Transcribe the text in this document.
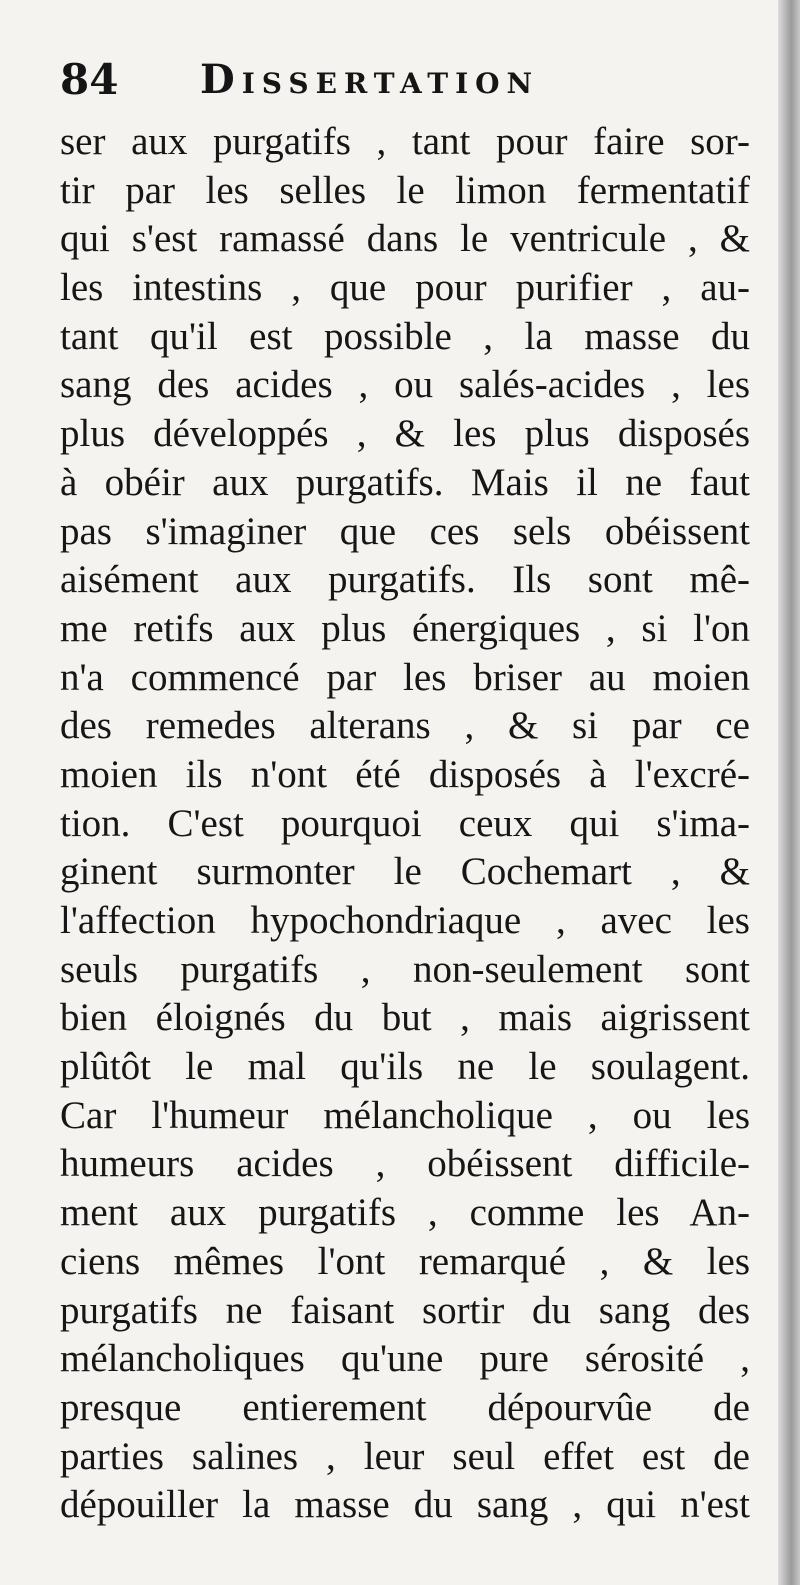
84 Dissertation
ser aux purgatifs , tant pour faire sor-
tir par les selles le limon fermentatif
qui s'est ramassé dans le ventricule , &
les intestins , que pour purifier , au-
tant qu'il est possible , la masse du
sang des acides , ou salés-acides , les
plus développés , & les plus disposés
à obéir aux purgatifs. Mais il ne faut
pas s'imaginer que ces sels obéissent
aisément aux purgatifs. Ils sont mê-
me retifs aux plus énergiques , si l'on
n'a commencé par les briser au moien
des remedes alterans , & si par ce
moien ils n'ont été disposés à l'excré-
tion. C'est pourquoi ceux qui s'ima-
ginent surmonter le Cochemart , &
l'affection hypochondriaque , avec les
seuls purgatifs , non-seulement sont
bien éloignés du but , mais aigrissent
plûtôt le mal qu'ils ne le soulagent.
Car l'humeur mélancholique , ou les
humeurs acides , obéissent difficile-
ment aux purgatifs , comme les An-
ciens mêmes l'ont remarqué , & les
purgatifs ne faisant sortir du sang des
mélancholiques qu'une pure sérosité ,
presque entierement dépourvûe de
parties salines , leur seul effet est de
dépouiller la masse du sang , qui n'est
